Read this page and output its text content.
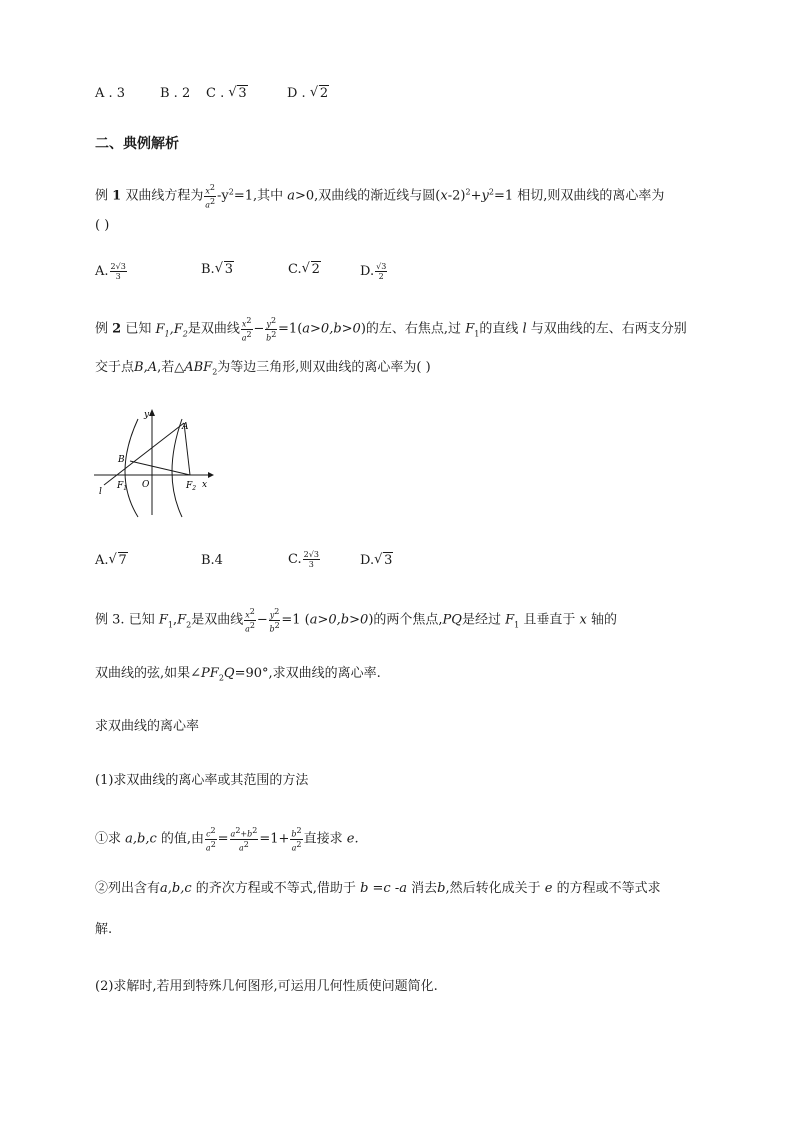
A . 3	B . 2 C . √ 3	D . √ 2
二、典例解析
例 1 双曲线方程为 $\frac{x^2}{a^2} -y^2=1$,其中 a>0,双曲线的渐近线与圆$(x-2)^2+y^2=1$ 相切,则双曲线的离心率为
( )
A. $\frac{2√3}{3}$	B. √ 3	C. √ 2	D. $\frac{√3}{2}$
例 2 已知 $F_1,F_2$是双曲线 $\frac{x^2}{a^2} - \frac{y^2}{b^2} =1(a>0,b>0)$的左、右焦点,过 $F_1$的直线 l 与双曲线的左、右两支分别
交于点B,A,若$\triangle ABF_2$为等边三角形,则双曲线的离心率为( )
y
x
A
B
O
l
$F_1$	$F_2$
A. √ 7	B.4	C. $\frac{2√3}{3}$	D. √ 3
例 3. 已知 $F_1,F_2$是双曲线 $\frac{x^2}{a^2} - \frac{y^2}{b^2} =1$ (a>0,b>0)的两个焦点,PQ是经过 $F_1$ 且垂直于 x 轴的
双曲线的弦,如果$\angle PF_2Q=90^\circ$,求双曲线的离心率.
求双曲线的离心率
(1)求双曲线的离心率或其范围的方法
①求 a,b,c 的值,由 $\frac{c^2}{a^2} = \frac{a^2+b^2}{a^2} =1+ \frac{b^2}{a^2}$ 直接求 e.
②列出含有a,b,c 的齐次方程或不等式,借助于 b =c -a 消去b,然后转化成关于 e 的方程或不等式求
解.
(2)求解时,若用到特殊几何图形,可运用几何性质使问题简化.
